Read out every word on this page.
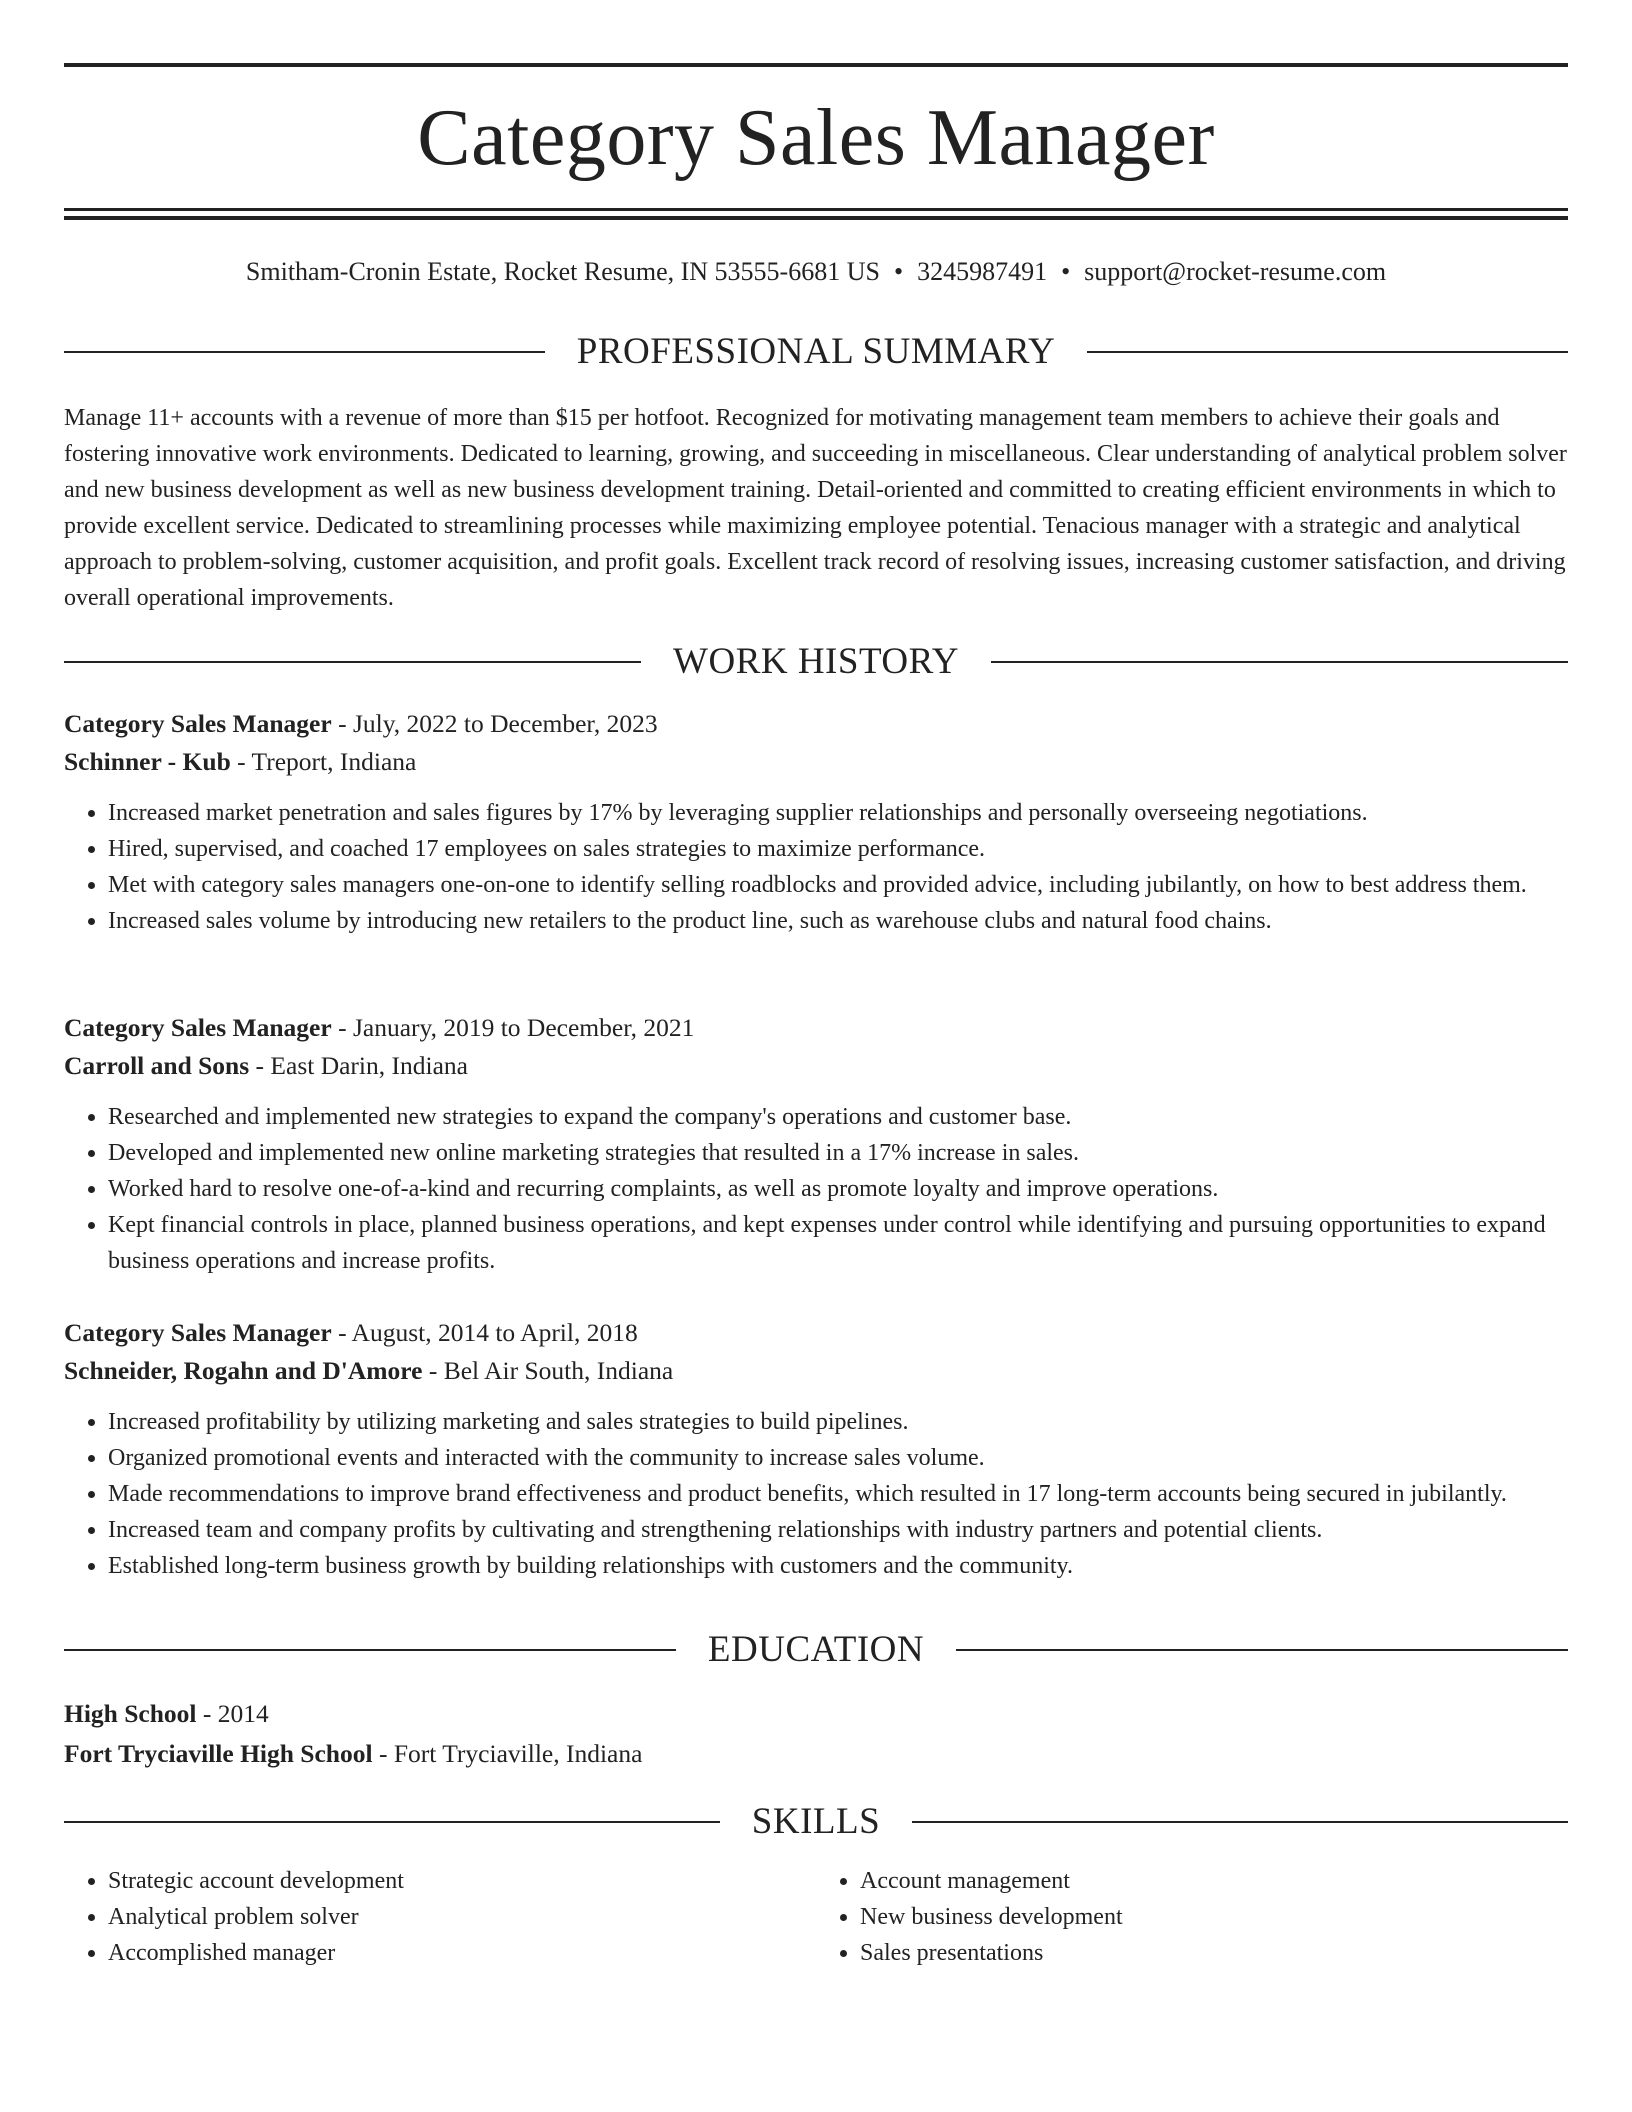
Category Sales Manager
Smitham-Cronin Estate, Rocket Resume, IN 53555-6681 US • 3245987491 • support@rocket-resume.com
PROFESSIONAL SUMMARY

Manage 11+ accounts with a revenue of more than $15 per hotfoot. Recognized for motivating management team members to achieve their goals and fostering innovative work environments. Dedicated to learning, growing, and succeeding in miscellaneous. Clear understanding of analytical problem solver and new business development as well as new business development training. Detail-oriented and committed to creating efficient environments in which to provide excellent service. Dedicated to streamlining processes while maximizing employee potential. Tenacious manager with a strategic and analytical approach to problem-solving, customer acquisition, and profit goals. Excellent track record of resolving issues, increasing customer satisfaction, and driving overall operational improvements.

WORK HISTORY
Category Sales Manager - July, 2022 to December, 2023
Schinner - Kub - Treport, Indiana
• Increased market penetration and sales figures by 17% by leveraging supplier relationships and personally overseeing negotiations.
• Hired, supervised, and coached 17 employees on sales strategies to maximize performance.
• Met with category sales managers one-on-one to identify selling roadblocks and provided advice, including jubilantly, on how to best address them.
• Increased sales volume by introducing new retailers to the product line, such as warehouse clubs and natural food chains.
Category Sales Manager - January, 2019 to December, 2021
Carroll and Sons - East Darin, Indiana
• Researched and implemented new strategies to expand the company's operations and customer base.
• Developed and implemented new online marketing strategies that resulted in a 17% increase in sales.
• Worked hard to resolve one-of-a-kind and recurring complaints, as well as promote loyalty and improve operations.
• Kept financial controls in place, planned business operations, and kept expenses under control while identifying and pursuing opportunities to expand business operations and increase profits.
Category Sales Manager - August, 2014 to April, 2018
Schneider, Rogahn and D'Amore - Bel Air South, Indiana
• Increased profitability by utilizing marketing and sales strategies to build pipelines.
• Organized promotional events and interacted with the community to increase sales volume.
• Made recommendations to improve brand effectiveness and product benefits, which resulted in 17 long-term accounts being secured in jubilantly.
• Increased team and company profits by cultivating and strengthening relationships with industry partners and potential clients.
• Established long-term business growth by building relationships with customers and the community.
EDUCATION
High School - 2014
Fort Tryciaville High School - Fort Tryciaville, Indiana
SKILLS
• Strategic account development
• Analytical problem solver
• Accomplished manager
• Account management
• New business development
• Sales presentations
